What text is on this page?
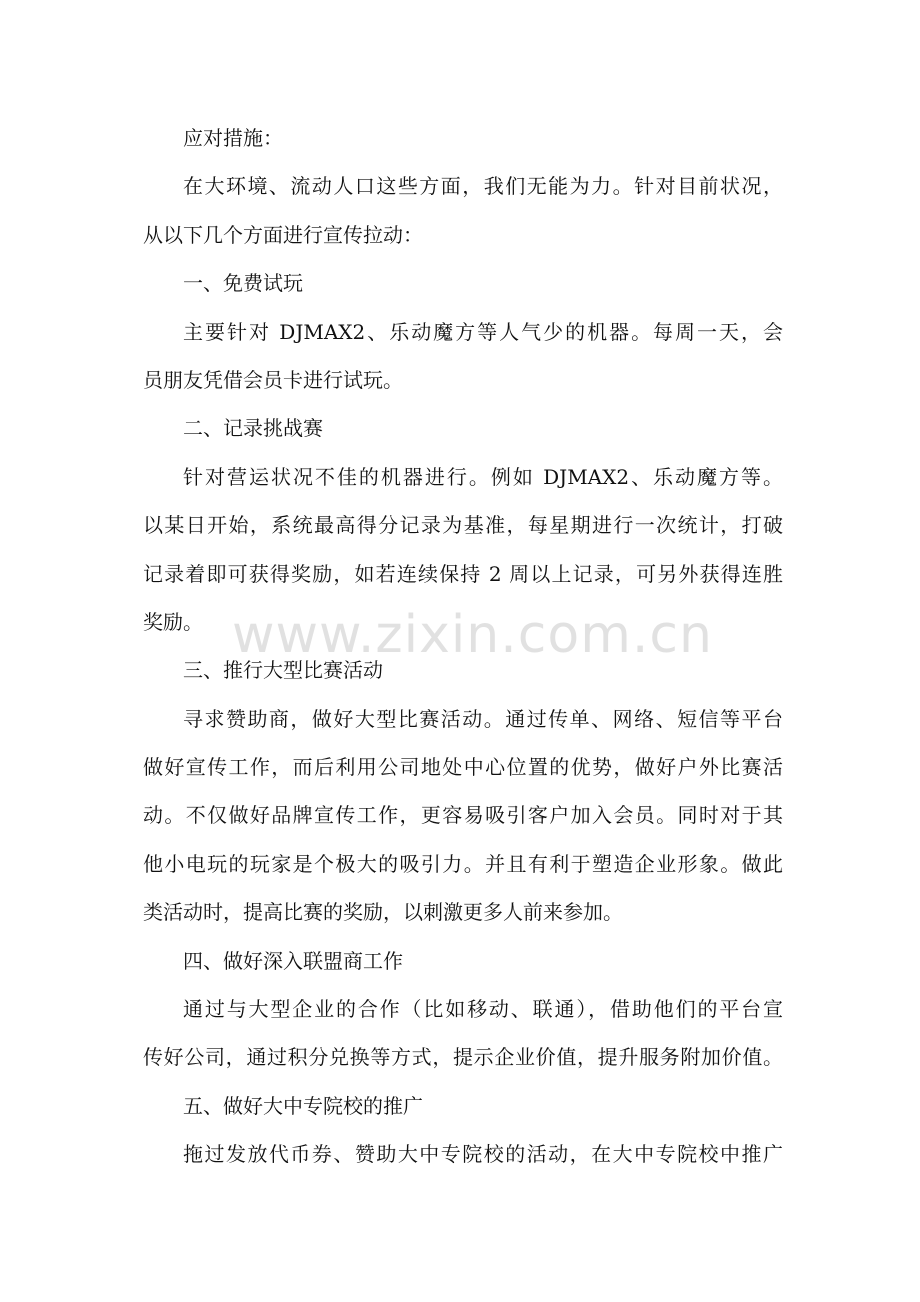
应对措施：
在大环境、流动人口这些方面，我们无能为力。针对目前状况，
从以下几个方面进行宣传拉动：
一、免费试玩
主要针对 DJMAX2、乐动魔方等人气少的机器。每周一天，会
员朋友凭借会员卡进行试玩。
二、记录挑战赛
针对营运状况不佳的机器进行。例如 DJMAX2、乐动魔方等。
以某日开始，系统最高得分记录为基准，每星期进行一次统计，打破
记录着即可获得奖励，如若连续保持 2 周以上记录，可另外获得连胜
奖励。
三、推行大型比赛活动
寻求赞助商，做好大型比赛活动。通过传单、网络、短信等平台
做好宣传工作，而后利用公司地处中心位置的优势，做好户外比赛活
动。不仅做好品牌宣传工作，更容易吸引客户加入会员。同时对于其
他小电玩的玩家是个极大的吸引力。并且有利于塑造企业形象。做此
类活动时，提高比赛的奖励，以刺激更多人前来参加。
四、做好深入联盟商工作
通过与大型企业的合作（比如移动、联通），借助他们的平台宣
传好公司，通过积分兑换等方式，提示企业价值，提升服务附加价值。
五、做好大中专院校的推广
拖过发放代币券、赞助大中专院校的活动，在大中专院校中推广
www.zixin.com.cn
